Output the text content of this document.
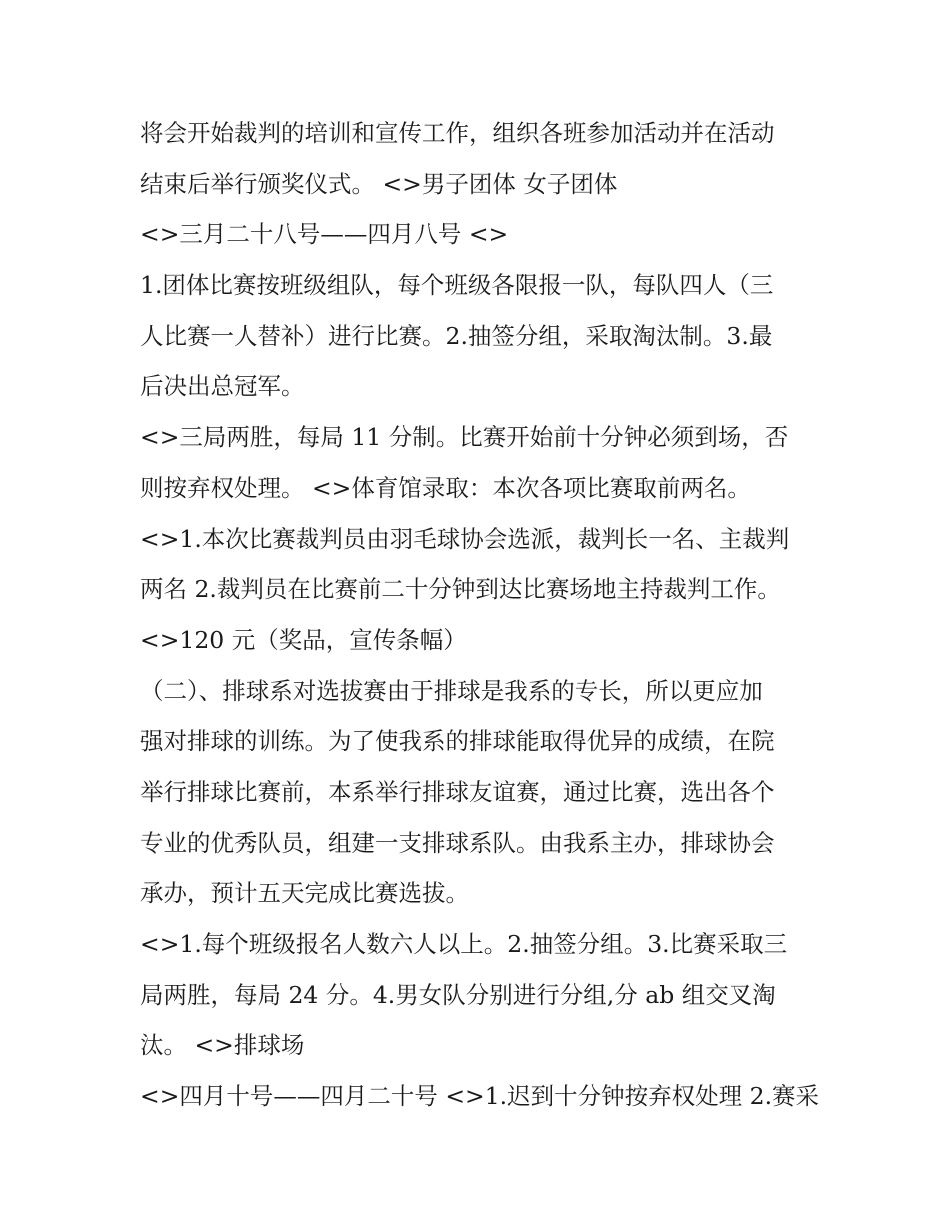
将会开始裁判的培训和宣传工作，组织各班参加活动并在活动
结束后举行颁奖仪式。 <>男子团体 女子团体
<>三月二十八号——四月八号 <>
1.团体比赛按班级组队，每个班级各限报一队，每队四人（三
人比赛一人替补）进行比赛。2.抽签分组，采取淘汰制。3.最
后决出总冠军。
<>三局两胜，每局 11 分制。比赛开始前十分钟必须到场，否
则按弃权处理。 <>体育馆录取：本次各项比赛取前两名。
<>1.本次比赛裁判员由羽毛球协会选派，裁判长一名、主裁判
两名 2.裁判员在比赛前二十分钟到达比赛场地主持裁判工作。
<>120 元（奖品，宣传条幅）
（二）、排球系对选拔赛由于排球是我系的专长，所以更应加
强对排球的训练。为了使我系的排球能取得优异的成绩，在院
举行排球比赛前，本系举行排球友谊赛，通过比赛，选出各个
专业的优秀队员，组建一支排球系队。由我系主办，排球协会
承办，预计五天完成比赛选拔。
<>1.每个班级报名人数六人以上。2.抽签分组。3.比赛采取三
局两胜，每局 24 分。4.男女队分别进行分组,分 ab 组交叉淘
汰。 <>排球场
<>四月十号——四月二十号 <>1.迟到十分钟按弃权处理 2.赛采
